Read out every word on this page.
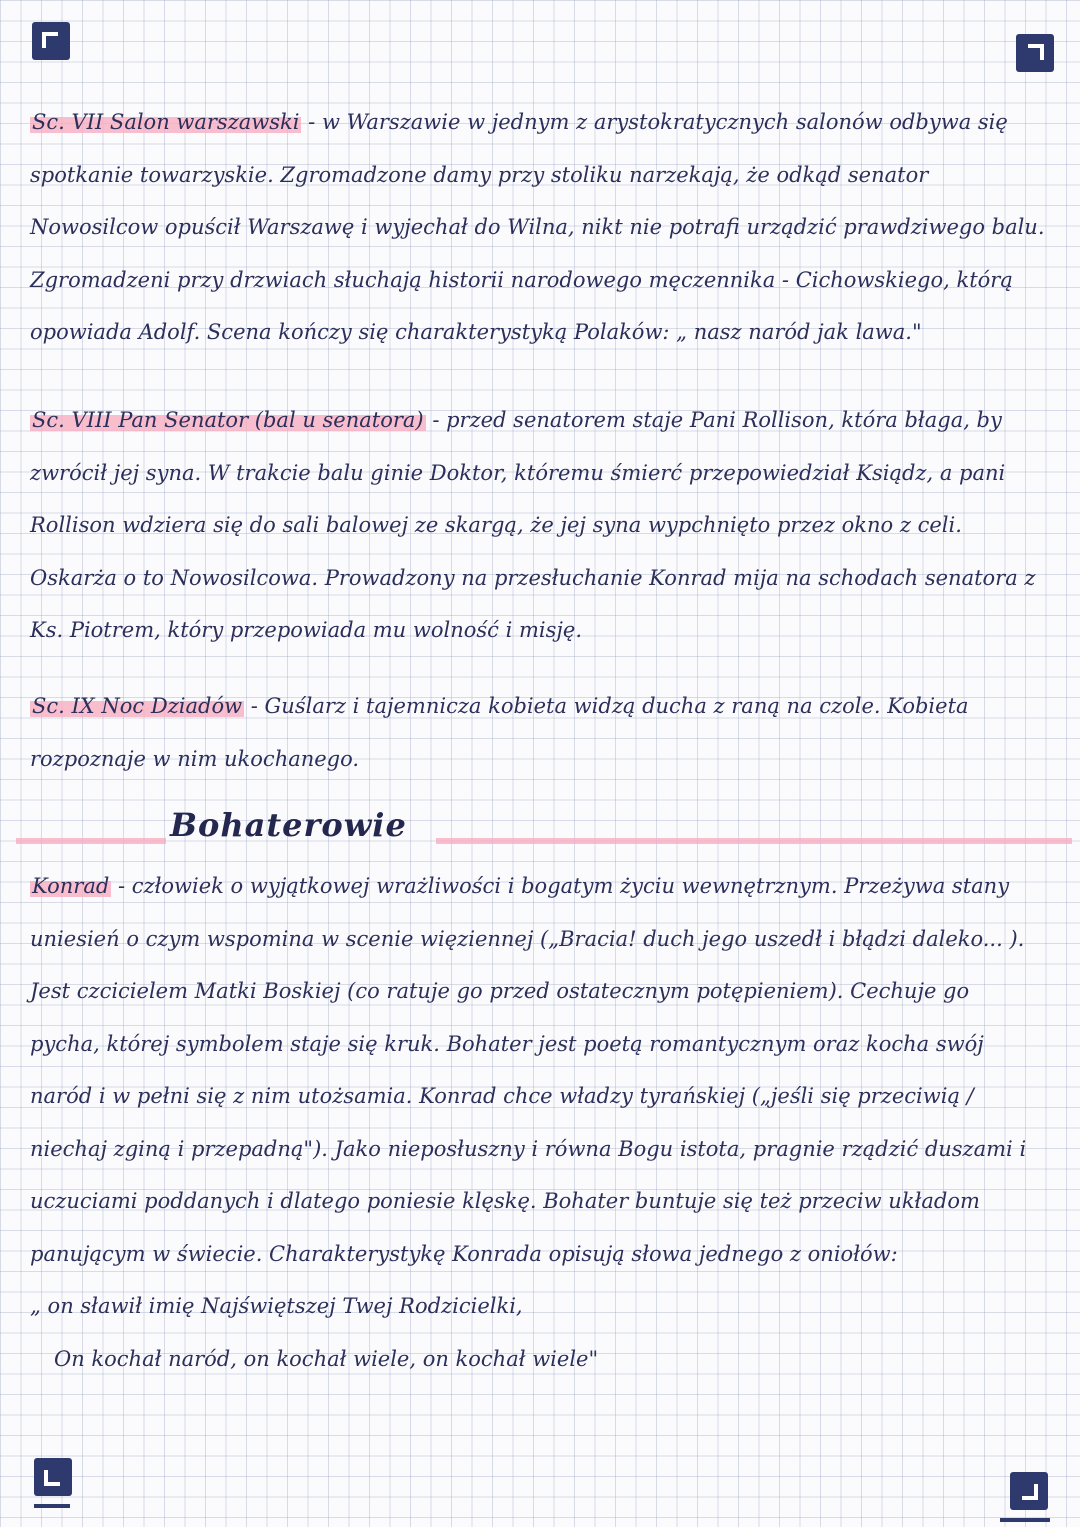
Sc. VII Salon warszawski - w Warszawie w jednym z arystokratycznych salonów odbywa się spotkanie towarzyskie. Zgromadzone damy przy stoliku narzekają, że odkąd senator Nowosilcow opuścił Warszawę i wyjechał do Wilna, nikt nie potrafi urządzić prawdziwego balu. Zgromadzeni przy drzwiach słuchają historii narodowego męczennika - Cichowskiego, którą opowiada Adolf. Scena kończy się charakterystyką Polaków: „ nasz naród jak lawa."

Sc. VIII Pan Senator (bal u senatora) - przed senatorem staje Pani Rollison, która błaga, by zwrócił jej syna. W trakcie balu ginie Doktor, któremu śmierć przepowiedział Ksiądz, a pani Rollison wdziera się do sali balowej ze skargą, że jej syna wypchnięto przez okno z celi. Oskarża o to Nowosilcowa. Prowadzony na przesłuchanie Konrad mija na schodach senatora z Ks. Piotrem, który przepowiada mu wolność i misję.

Sc. IX Noc Dziadów - Guślarz i tajemnicza kobieta widzą ducha z raną na czole. Kobieta rozpoznaje w nim ukochanego.

Bohaterowie

Konrad - człowiek o wyjątkowej wrażliwości i bogatym życiu wewnętrznym. Przeżywa stany uniesień o czym wspomina w scenie więziennej („Bracia! duch jego uszedł i błądzi daleko... ). Jest czcicielem Matki Boskiej (co ratuje go przed ostatecznym potępieniem). Cechuje go pycha, której symbolem staje się kruk. Bohater jest poetą romantycznym oraz kocha swój naród i w pełni się z nim utożsamia. Konrad chce władzy tyrańskiej („jeśli się przeciwią / niechaj zginą i przepadną"). Jako nieposłuszny i równa Bogu istota, pragnie rządzić duszami i uczuciami poddanych i dlatego poniesie klęskę. Bohater buntuje się też przeciw układom panującym w świecie. Charakterystykę Konrada opisują słowa jednego z oniołów:

„ on sławił imię Najświętszej Twej Rodzicielki,

On kochał naród, on kochał wiele, on kochał wiele"
